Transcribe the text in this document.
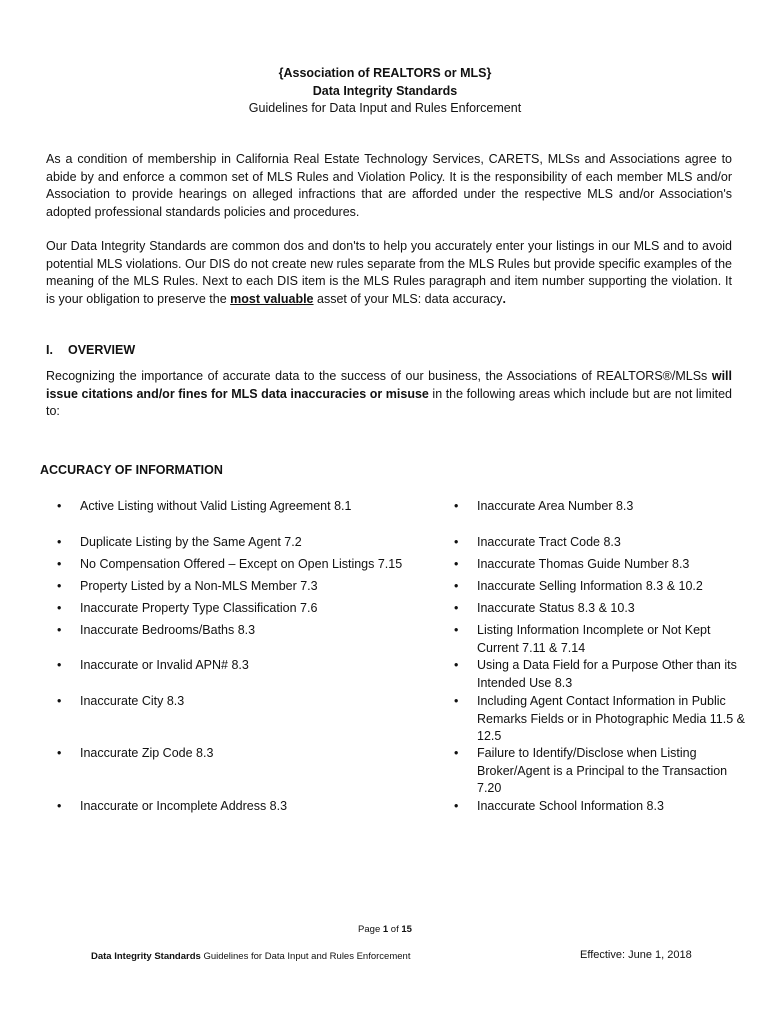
{Association of REALTORS or MLS}
Data Integrity Standards
Guidelines for Data Input and Rules Enforcement

As a condition of membership in California Real Estate Technology Services, CARETS, MLSs and Associations agree to abide by and enforce a common set of MLS Rules and Violation Policy. It is the responsibility of each member MLS and/or Association to provide hearings on alleged infractions that are afforded under the respective MLS and/or Association's adopted professional standards policies and procedures.

Our Data Integrity Standards are common dos and don'ts to help you accurately enter your listings in our MLS and to avoid potential MLS violations. Our DIS do not create new rules separate from the MLS Rules but provide specific examples of the meaning of the MLS Rules. Next to each DIS item is the MLS Rules paragraph and item number supporting the violation. It is your obligation to preserve the most valuable asset of your MLS: data accuracy.

I. OVERVIEW

Recognizing the importance of accurate data to the success of our business, the Associations of REALTORS®/MLSs will issue citations and/or fines for MLS data inaccuracies or misuse in the following areas which include but are not limited to:

ACCURACY OF INFORMATION
•	Active Listing without Valid Listing Agreement 8.1
•	Duplicate Listing by the Same Agent 7.2
•	No Compensation Offered – Except on Open Listings 7.15
•	Property Listed by a Non-MLS Member 7.3
•	Inaccurate Property Type Classification 7.6
•	Inaccurate Bedrooms/Baths 8.3
•	Inaccurate or Invalid APN# 8.3
•	Inaccurate City 8.3
•	Inaccurate Zip Code 8.3
•	Inaccurate or Incomplete Address 8.3
•	Inaccurate Area Number 8.3
•	Inaccurate Tract Code 8.3
•	Inaccurate Thomas Guide Number 8.3
•	Inaccurate Selling Information 8.3 & 10.2
•	Inaccurate Status 8.3 & 10.3
•	Listing Information Incomplete or Not Kept Current 7.11 & 7.14
•	Using a Data Field for a Purpose Other than its Intended Use 8.3
•	Including Agent Contact Information in Public Remarks Fields or in Photographic Media 11.5 & 12.5
•	Failure to Identify/Disclose when Listing Broker/Agent is a Principal to the Transaction 7.20
•	Inaccurate School Information 8.3
Page 1 of 15
Data Integrity Standards Guidelines for Data Input and Rules Enforcement	Effective: June 1, 2018
